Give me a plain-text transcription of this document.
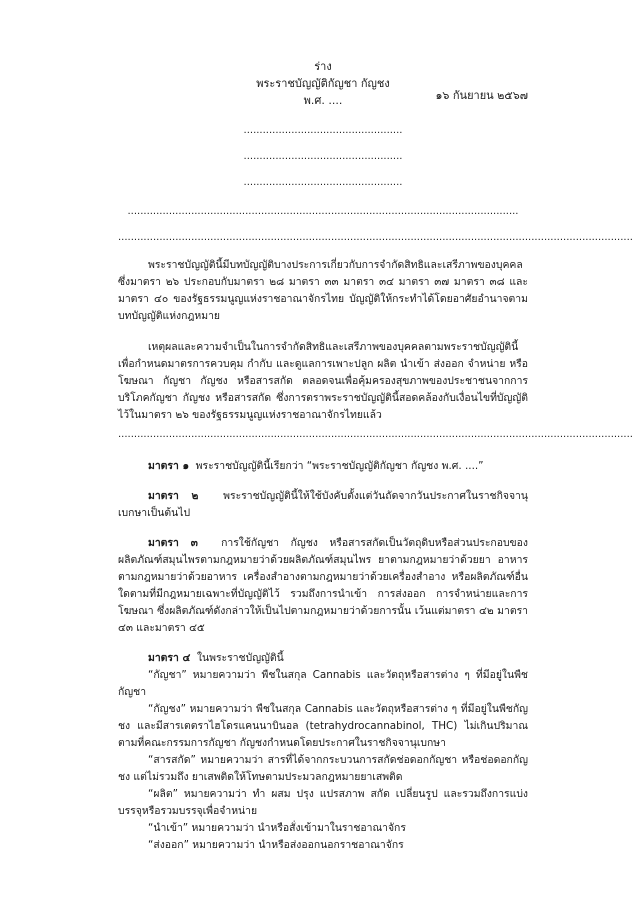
๑๖ กันยายน ๒๕๖๗
ร่าง
พระราชบัญญัติกัญชา กัญชง
พ.ศ. ....
..................................................
..................................................
..................................................
...........................................................................................................................
..................................................................................................................................................................

พระราชบัญญัตินี้มีบทบัญญัติบางประการเกี่ยวกับการจำกัดสิทธิและเสรีภาพของบุคคล ซึ่งมาตรา ๒๖ ประกอบกับมาตรา ๒๘ มาตรา ๓๓ มาตรา ๓๔ มาตรา ๓๗ มาตรา ๓๘ และมาตรา ๔๐ ของรัฐธรรมนูญแห่งราชอาณาจักรไทย บัญญัติให้กระทำได้โดยอาศัยอำนาจตามบทบัญญัติแห่งกฎหมาย

เหตุผลและความจำเป็นในการจำกัดสิทธิและเสรีภาพของบุคคลตามพระราชบัญญัตินี้ เพื่อกำหนดมาตรการควบคุม กำกับ และดูแลการเพาะปลูก ผลิต นำเข้า ส่งออก จำหน่าย หรือโฆษณา กัญชา กัญชง หรือสารสกัด ตลอดจนเพื่อคุ้มครองสุขภาพของประชาชนจากการบริโภคกัญชา กัญชง หรือสารสกัด ซึ่งการตราพระราชบัญญัตินี้สอดคล้องกับเงื่อนไขที่บัญญัติไว้ในมาตรา ๒๖ ของรัฐธรรมนูญแห่งราชอาณาจักรไทยแล้ว

..................................................................................................................................................................

มาตรา ๑ พระราชบัญญัตินี้เรียกว่า “พระราชบัญญัติกัญชา กัญชง พ.ศ. ....”

มาตรา ๒ พระราชบัญญัตินี้ให้ใช้บังคับตั้งแต่วันถัดจากวันประกาศในราชกิจจานุเบกษาเป็นต้นไป

มาตรา ๓ การใช้กัญชา กัญชง หรือสารสกัดเป็นวัตถุดิบหรือส่วนประกอบของผลิตภัณฑ์สมุนไพรตามกฎหมายว่าด้วยผลิตภัณฑ์สมุนไพร ยาตามกฎหมายว่าด้วยยา อาหารตามกฎหมายว่าด้วยอาหาร เครื่องสำอางตามกฎหมายว่าด้วยเครื่องสำอาง หรือผลิตภัณฑ์อื่นใดตามที่มีกฎหมายเฉพาะที่บัญญัติไว้ รวมถึงการนำเข้า การส่งออก การจำหน่ายและการโฆษณา ซึ่งผลิตภัณฑ์ดังกล่าวให้เป็นไปตามกฎหมายว่าด้วยการนั้น เว้นแต่มาตรา ๔๒ มาตรา ๔๓ และมาตรา ๔๕

มาตรา ๔ ในพระราชบัญญัตินี้

“กัญชา” หมายความว่า พืชในสกุล Cannabis และวัตถุหรือสารต่าง ๆ ที่มีอยู่ในพืชกัญชา

“กัญชง” หมายความว่า พืชในสกุล Cannabis และวัตถุหรือสารต่าง ๆ ที่มีอยู่ในพืชกัญชง และมีสารเตตราไฮโดรแคนนาบินอล (tetrahydrocannabinol, THC) ไม่เกินปริมาณตามที่คณะกรรมการกัญชา กัญชงกำหนดโดยประกาศในราชกิจจานุเบกษา

“สารสกัด” หมายความว่า สารที่ได้จากกระบวนการสกัดช่อดอกกัญชา หรือช่อดอกกัญชง แต่ไม่รวมถึง ยาเสพติดให้โทษตามประมวลกฎหมายยาเสพติด

“ผลิต” หมายความว่า ทำ ผสม ปรุง แปรสภาพ สกัด เปลี่ยนรูป และรวมถึงการแบ่งบรรจุหรือรวมบรรจุเพื่อจำหน่าย

“นำเข้า” หมายความว่า นำหรือสั่งเข้ามาในราชอาณาจักร

“ส่งออก” หมายความว่า นำหรือส่งออกนอกราชอาณาจักร
